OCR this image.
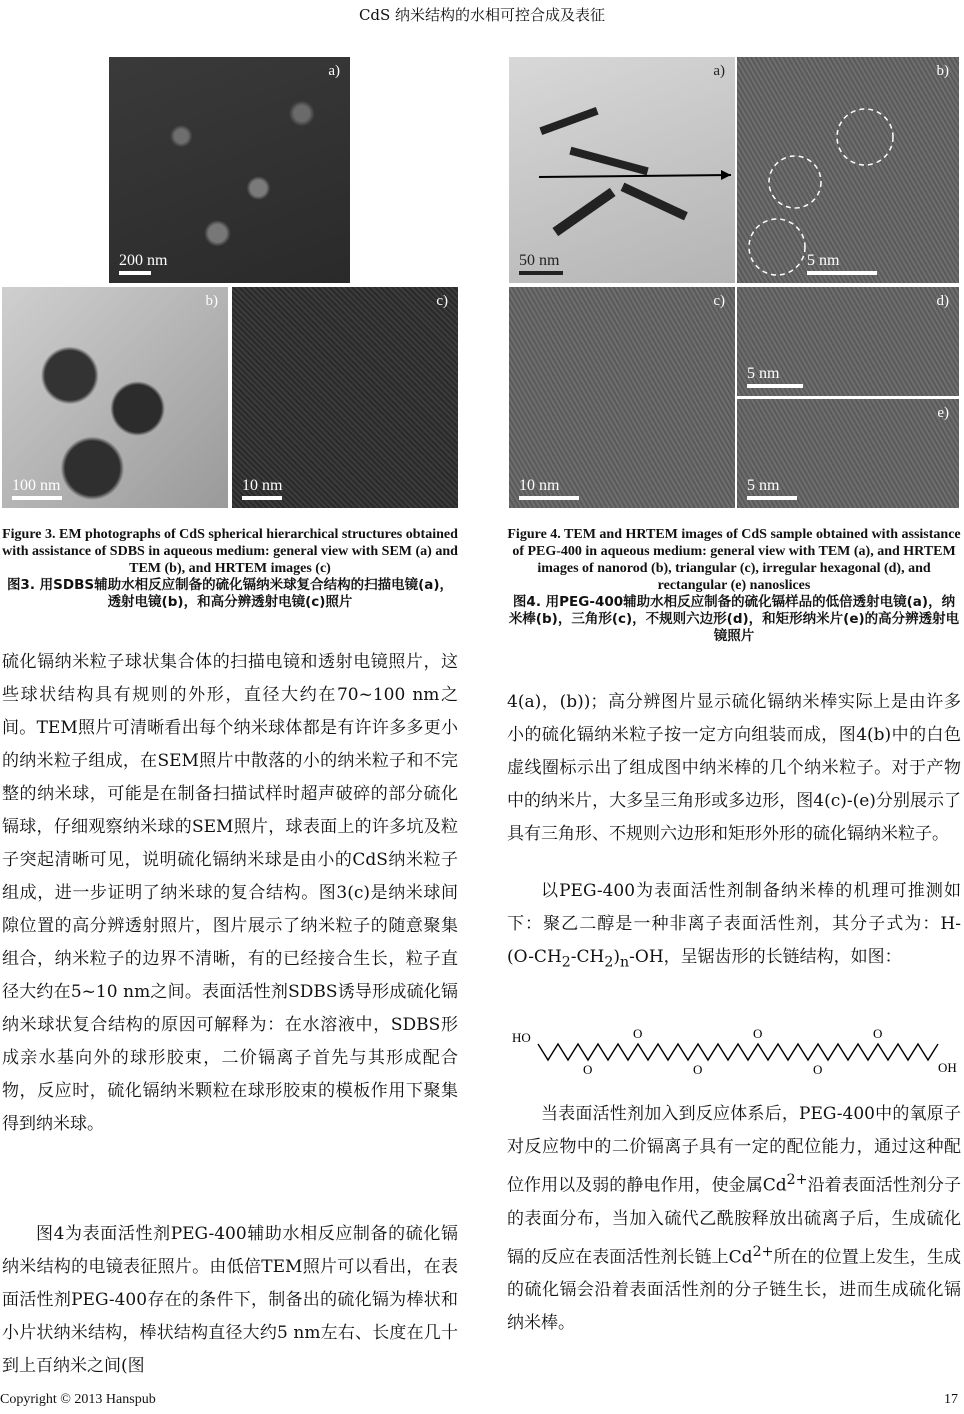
CdS 纳米结构的水相可控合成及表征
a)
200 nm
b)
100 nm
c)
10 nm
Figure 3. EM photographs of CdS spherical hierarchical structures obtained with assistance of SDBS in aqueous medium: general view with SEM (a) and TEM (b), and HRTEM images (c)
图3. 用SDBS辅助水相反应制备的硫化镉纳米球复合结构的扫描电镜(a)，透射电镜(b)，和高分辨透射电镜(c)照片
a)
50 nm
b)
5 nm
c)
10 nm
d)
5 nm
e)
5 nm
Figure 4. TEM and HRTEM images of CdS sample obtained with assistance of PEG-400 in aqueous medium: general view with TEM (a), and HRTEM images of nanorod (b), triangular (c), irregular hexagonal (d), and rectangular (e) nanoslices
图4. 用PEG-400辅助水相反应制备的硫化镉样品的低倍透射电镜(a)，纳米棒(b)，三角形(c)，不规则六边形(d)，和矩形纳米片(e)的高分辨透射电镜照片

硫化镉纳米粒子球状集合体的扫描电镜和透射电镜照片，这些球状结构具有规则的外形，直径大约在70~100 nm之间。TEM照片可清晰看出每个纳米球体都是有许许多多更小的纳米粒子组成，在SEM照片中散落的小的纳米粒子和不完整的纳米球，可能是在制备扫描试样时超声破碎的部分硫化镉球，仔细观察纳米球的SEM照片，球表面上的许多坑及粒子突起清晰可见，说明硫化镉纳米球是由小的CdS纳米粒子组成，进一步证明了纳米球的复合结构。图3(c)是纳米球间隙位置的高分辨透射照片，图片展示了纳米粒子的随意聚集组合，纳米粒子的边界不清晰，有的已经接合生长，粒子直径大约在5~10 nm之间。表面活性剂SDBS诱导形成硫化镉纳米球状复合结构的原因可解释为：在水溶液中，SDBS形成亲水基向外的球形胶束，二价镉离子首先与其形成配合物，反应时，硫化镉纳米颗粒在球形胶束的模板作用下聚集得到纳米球。

图4为表面活性剂PEG-400辅助水相反应制备的硫化镉纳米结构的电镜表征照片。由低倍TEM照片可以看出，在表面活性剂PEG-400存在的条件下，制备出的硫化镉为棒状和小片状纳米结构，棒状结构直径大约5 nm左右、长度在几十到上百纳米之间(图

4(a)，(b))；高分辨图片显示硫化镉纳米棒实际上是由许多小的硫化镉纳米粒子按一定方向组装而成，图4(b)中的白色虚线圈标示出了组成图中纳米棒的几个纳米粒子。对于产物中的纳米片，大多呈三角形或多边形，图4(c)-(e)分别展示了具有三角形、不规则六边形和矩形外形的硫化镉纳米粒子。

以PEG-400为表面活性剂制备纳米棒的机理可推测如下：聚乙二醇是一种非离子表面活性剂，其分子式为：$H-(O-CH_2-CH_2)_n-OH$，呈锯齿形的长链结构，如图：

HO
OH
O
O
O
O
O
O

当表面活性剂加入到反应体系后，PEG-400中的氧原子对反应物中的二价镉离子具有一定的配位能力，通过这种配位作用以及弱的静电作用，使金属$Cd^{2+}$沿着表面活性剂分子的表面分布，当加入硫代乙酰胺释放出硫离子后，生成硫化镉的反应在表面活性剂长链上$Cd^{2+}$所在的位置上发生，生成的硫化镉会沿着表面活性剂的分子链生长，进而生成硫化镉纳米棒。

Copyright © 2013 Hanspub	17
